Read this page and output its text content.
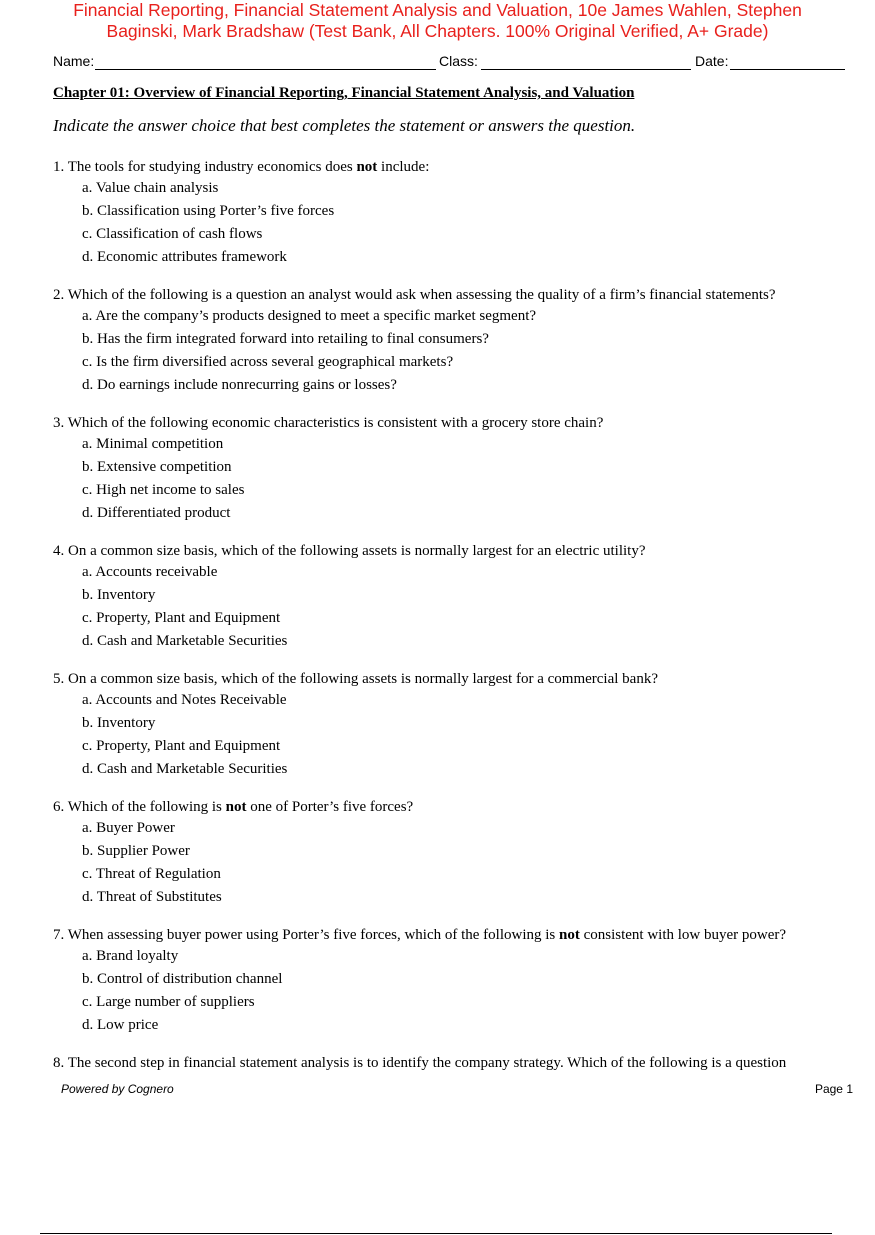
Financial Reporting, Financial Statement Analysis and Valuation, 10e James Wahlen, Stephen
Baginski, Mark Bradshaw (Test Bank, All Chapters. 100% Original Verified, A+ Grade)
Name:	Class:	Date:
Chapter 01: Overview of Financial Reporting, Financial Statement Analysis, and Valuation
Indicate the answer choice that best completes the statement or answers the question.
1. The tools for studying industry economics does not include:
a. Value chain analysis
b. Classification using Porter’s five forces
c. Classification of cash flows
d. Economic attributes framework
2. Which of the following is a question an analyst would ask when assessing the quality of a firm’s financial statements?
a. Are the company’s products designed to meet a specific market segment?
b. Has the firm integrated forward into retailing to final consumers?
c. Is the firm diversified across several geographical markets?
d. Do earnings include nonrecurring gains or losses?
3. Which of the following economic characteristics is consistent with a grocery store chain?
a. Minimal competition
b. Extensive competition
c. High net income to sales
d. Differentiated product
4. On a common size basis, which of the following assets is normally largest for an electric utility?
a. Accounts receivable
b. Inventory
c. Property, Plant and Equipment
d. Cash and Marketable Securities
5. On a common size basis, which of the following assets is normally largest for a commercial bank?
a. Accounts and Notes Receivable
b. Inventory
c. Property, Plant and Equipment
d. Cash and Marketable Securities
6. Which of the following is not one of Porter’s five forces?
a. Buyer Power
b. Supplier Power
c. Threat of Regulation
d. Threat of Substitutes
7. When assessing buyer power using Porter’s five forces, which of the following is not consistent with low buyer power?
a. Brand loyalty
b. Control of distribution channel
c. Large number of suppliers
d. Low price
8. The second step in financial statement analysis is to identify the company strategy. Which of the following is a question
Powered by Cognero	Page 1
